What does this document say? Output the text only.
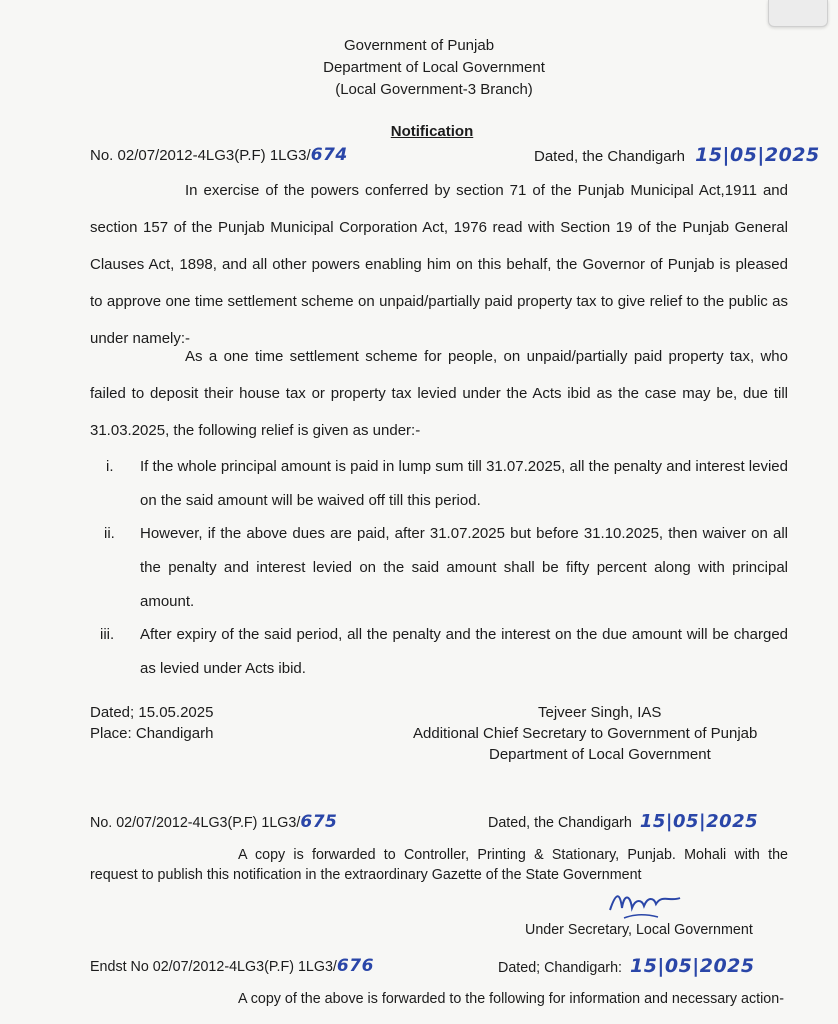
Government of Punjab
Department of Local Government
(Local Government-3 Branch)
Notification
No. 02/07/2012-4LG3(P.F) 1LG3/674	Dated, the Chandigarh 15|05|2025
In exercise of the powers conferred by section 71 of the Punjab Municipal Act,1911 and section 157 of the Punjab Municipal Corporation Act, 1976 read with Section 19 of the Punjab General Clauses Act, 1898, and all other powers enabling him on this behalf, the Governor of Punjab is pleased to approve one time settlement scheme on unpaid/partially paid property tax to give relief to the public as under namely:-
As a one time settlement scheme for people, on unpaid/partially paid property tax, who failed to deposit their house tax or property tax levied under the Acts ibid as the case may be, due till 31.03.2025, the following relief is given as under:-
i. If the whole principal amount is paid in lump sum till 31.07.2025, all the penalty and interest levied on the said amount will be waived off till this period.
ii. However, if the above dues are paid, after 31.07.2025 but before 31.10.2025, then waiver on all the penalty and interest levied on the said amount shall be fifty percent along with principal amount.
iii. After expiry of the said period, all the penalty and the interest on the due amount will be charged as levied under Acts ibid.
Dated; 15.05.2025
Place: Chandigarh
Tejveer Singh, IAS
Additional Chief Secretary to Government of Punjab
Department of Local Government
No. 02/07/2012-4LG3(P.F) 1LG3/675	Dated, the Chandigarh 15|05|2025
A copy is forwarded to Controller, Printing & Stationary, Punjab. Mohali with the request to publish this notification in the extraordinary Gazette of the State Government
Under Secretary, Local Government
Endst No 02/07/2012-4LG3(P.F) 1LG3/676	Dated; Chandigarh: 15|05|2025
A copy of the above is forwarded to the following for information and necessary action-
